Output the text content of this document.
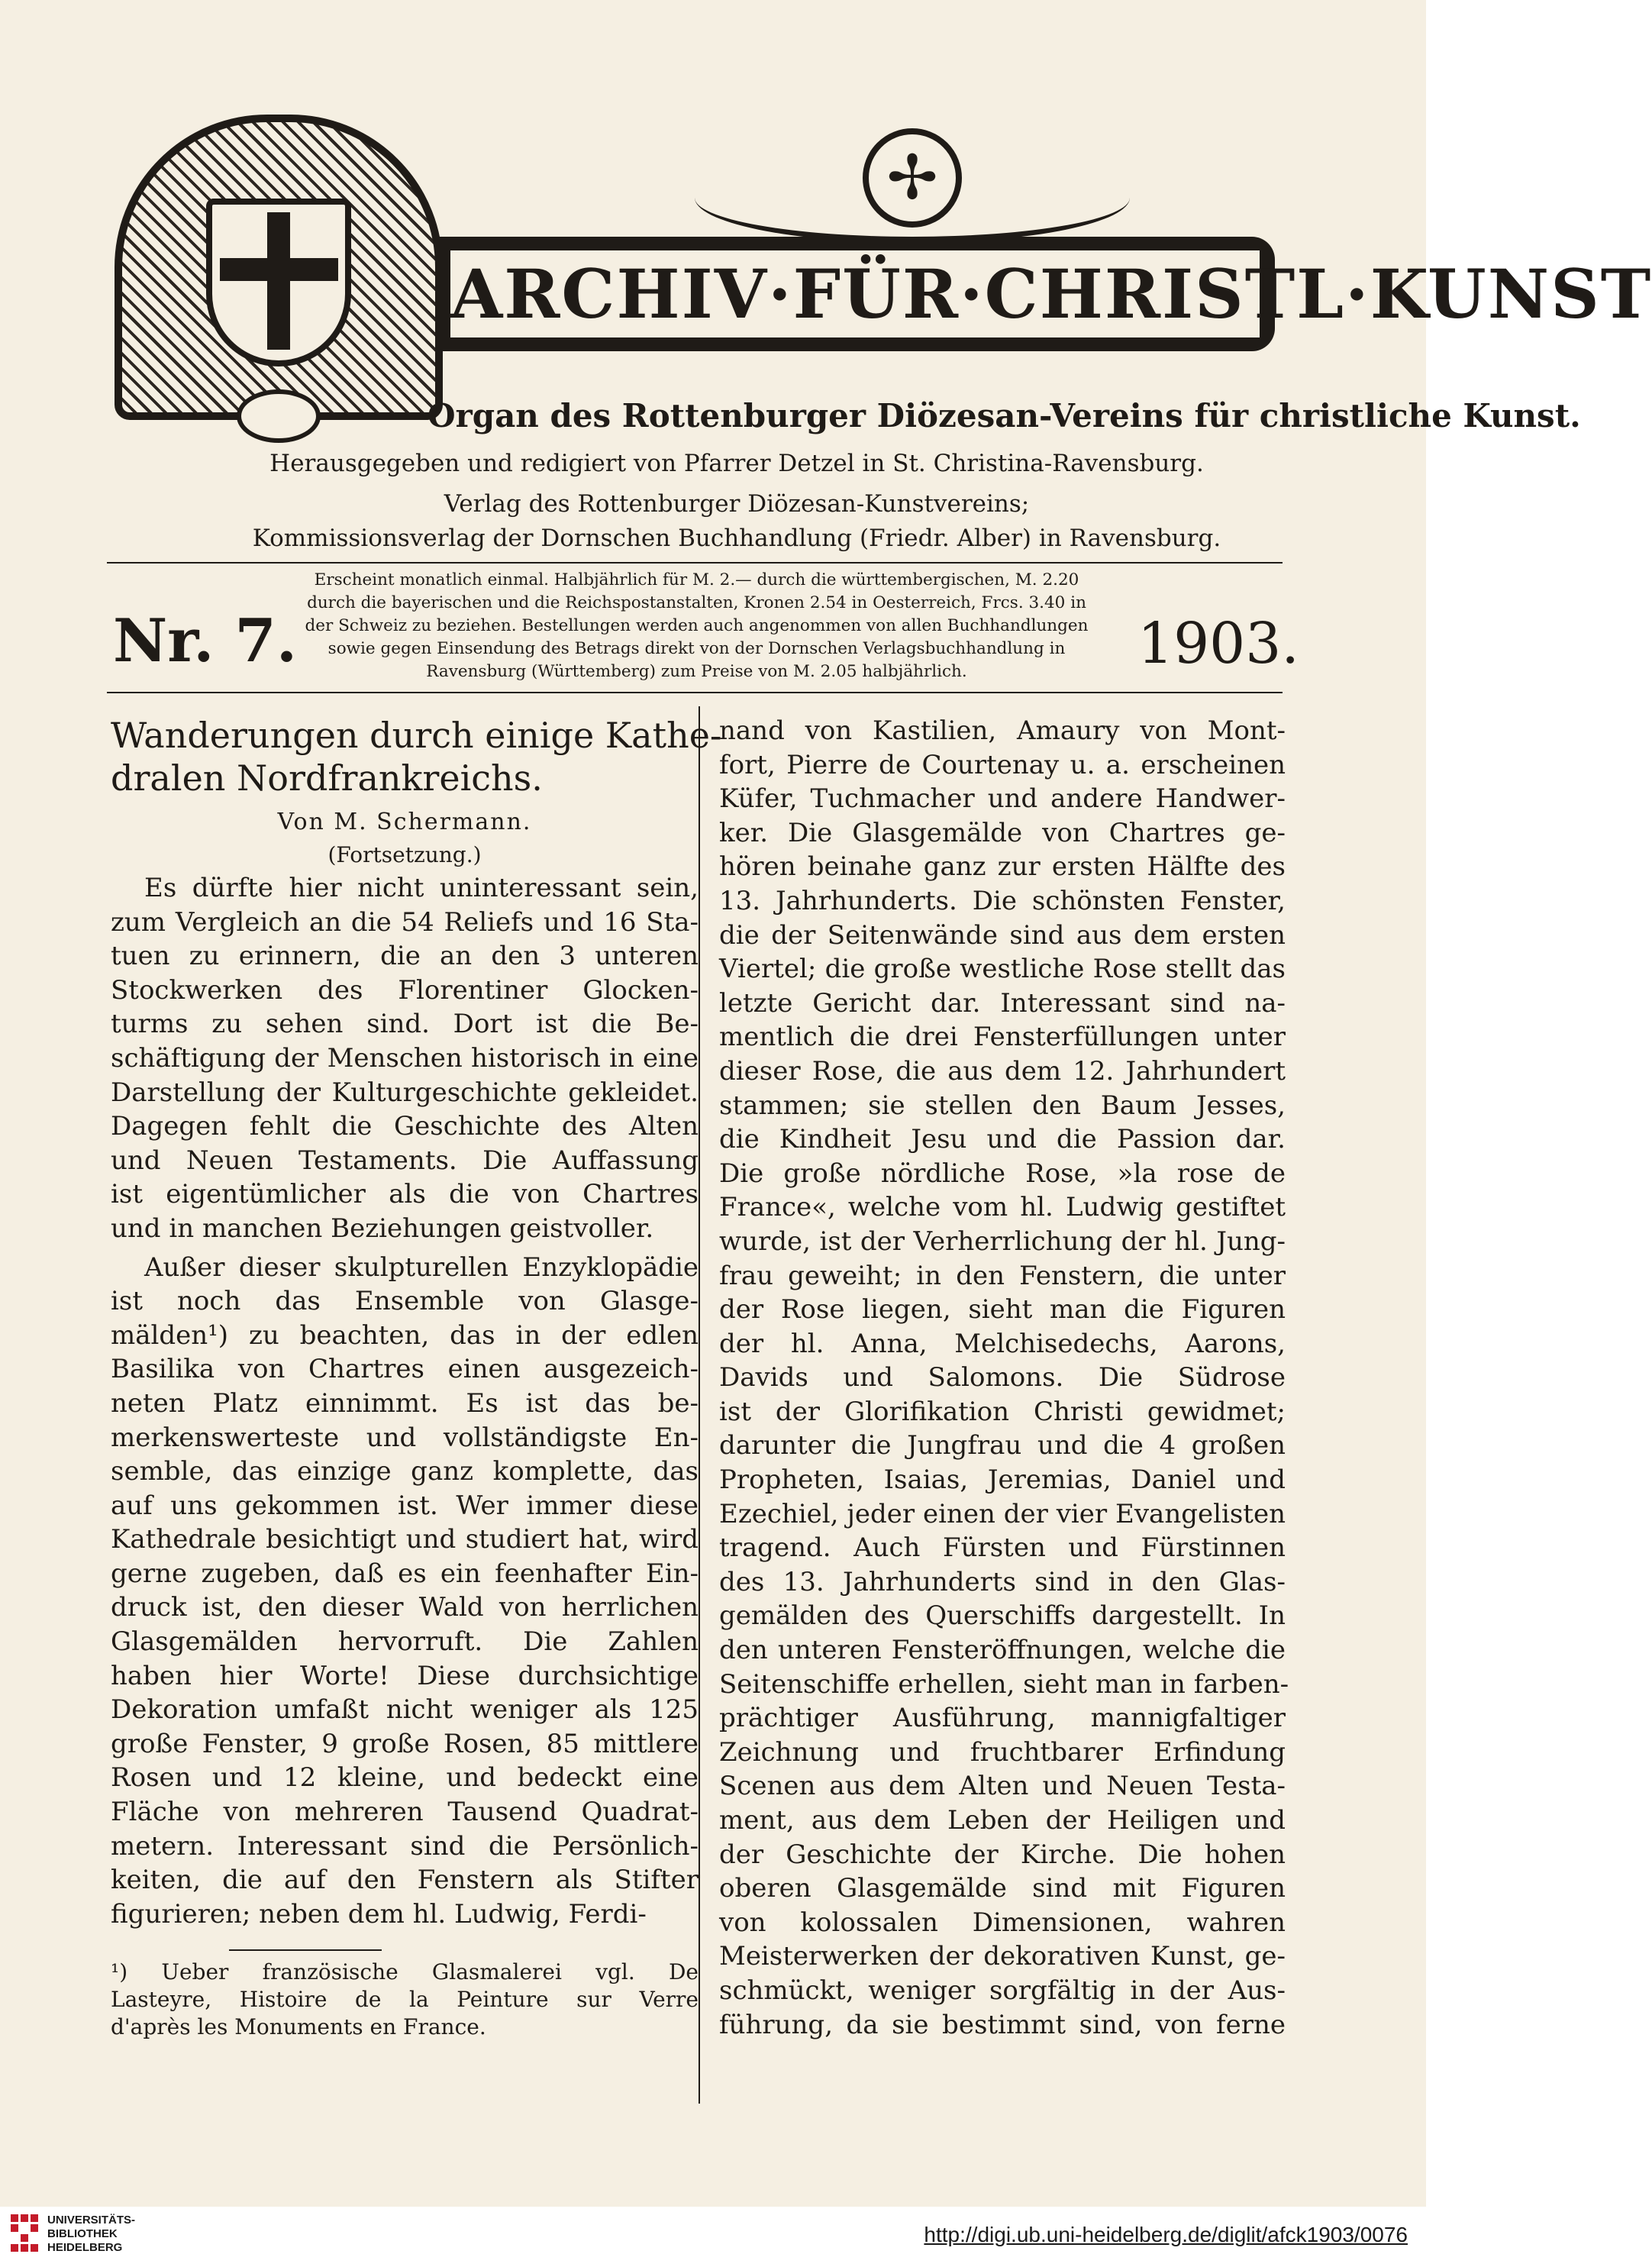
✢
ARCHIV·FÜR·CHRISTL·KUNST
Organ des Rottenburger Diözesan-Vereins für christliche Kunst.
Herausgegeben und redigiert von Pfarrer Detzel in St. Christina-Ravensburg.
Verlag des Rottenburger Diözesan-Kunstvereins;
Kommissionsverlag der Dornschen Buchhandlung (Friedr. Alber) in Ravensburg.
Nr. 7.
Erscheint monatlich einmal. Halbjährlich für M. 2.— durch die württembergischen, M. 2.20
durch die bayerischen und die Reichspostanstalten, Kronen 2.54 in Oesterreich, Frcs. 3.40 in
der Schweiz zu beziehen. Bestellungen werden auch angenommen von allen Buchhandlungen
sowie gegen Einsendung des Betrags direkt von der Dornschen Verlagsbuchhandlung in
Ravensburg (Württemberg) zum Preise von M. 2.05 halbjährlich.	1903.
Wanderungen durch einige Kathe-
dralen Nordfrankreichs.
Von M. Schermann.
(Fortsetzung.)
Es dürfte hier nicht uninteressant sein,
zum Vergleich an die 54 Reliefs und 16 Sta-
tuen zu erinnern, die an den 3 unteren
Stockwerken des Florentiner Glocken-
turms zu sehen sind. Dort ist die Be-
schäftigung der Menschen historisch in eine
Darstellung der Kulturgeschichte gekleidet.
Dagegen fehlt die Geschichte des Alten
und Neuen Testaments. Die Auffassung
ist eigentümlicher als die von Chartres
und in manchen Beziehungen geistvoller.
Außer dieser skulpturellen Enzyklopädie
ist noch das Ensemble von Glasge-
mälden¹) zu beachten, das in der edlen
Basilika von Chartres einen ausgezeich-
neten Platz einnimmt. Es ist das be-
merkenswerteste und vollständigste En-
semble, das einzige ganz komplette, das
auf uns gekommen ist. Wer immer diese
Kathedrale besichtigt und studiert hat, wird
gerne zugeben, daß es ein feenhafter Ein-
druck ist, den dieser Wald von herrlichen
Glasgemälden hervorruft. Die Zahlen
haben hier Worte! Diese durchsichtige
Dekoration umfaßt nicht weniger als 125
große Fenster, 9 große Rosen, 85 mittlere
Rosen und 12 kleine, und bedeckt eine
Fläche von mehreren Tausend Quadrat-
metern. Interessant sind die Persönlich-
keiten, die auf den Fenstern als Stifter
figurieren; neben dem hl. Ludwig, Ferdi-
nand von Kastilien, Amaury von Mont-
fort, Pierre de Courtenay u. a. erscheinen
Küfer, Tuchmacher und andere Handwer-
ker. Die Glasgemälde von Chartres ge-
hören beinahe ganz zur ersten Hälfte des
13. Jahrhunderts. Die schönsten Fenster,
die der Seitenwände sind aus dem ersten
Viertel; die große westliche Rose stellt das
letzte Gericht dar. Interessant sind na-
mentlich die drei Fensterfüllungen unter
dieser Rose, die aus dem 12. Jahrhundert
stammen; sie stellen den Baum Jesses,
die Kindheit Jesu und die Passion dar.
Die große nördliche Rose, »la rose de
France«, welche vom hl. Ludwig gestiftet
wurde, ist der Verherrlichung der hl. Jung-
frau geweiht; in den Fenstern, die unter
der Rose liegen, sieht man die Figuren
der hl. Anna, Melchisedechs, Aarons,
Davids und Salomons. Die Südrose
ist der Glorifikation Christi gewidmet;
darunter die Jungfrau und die 4 großen
Propheten, Isaias, Jeremias, Daniel und
Ezechiel, jeder einen der vier Evangelisten
tragend. Auch Fürsten und Fürstinnen
des 13. Jahrhunderts sind in den Glas-
gemälden des Querschiffs dargestellt. In
den unteren Fensteröffnungen, welche die
Seitenschiffe erhellen, sieht man in farben-
prächtiger Ausführung, mannigfaltiger
Zeichnung und fruchtbarer Erfindung
Scenen aus dem Alten und Neuen Testa-
ment, aus dem Leben der Heiligen und
der Geschichte der Kirche. Die hohen
oberen Glasgemälde sind mit Figuren
von kolossalen Dimensionen, wahren
Meisterwerken der dekorativen Kunst, ge-
schmückt, weniger sorgfältig in der Aus-
führung, da sie bestimmt sind, von ferne
¹) Ueber französische Glasmalerei vgl. De
Lasteyre, Histoire de la Peinture sur Verre
d'après les Monuments en France.
UNIVERSITÄTS-
BIBLIOTHEK
HEIDELBERG
http://digi.ub.uni-heidelberg.de/diglit/afck1903/0076
